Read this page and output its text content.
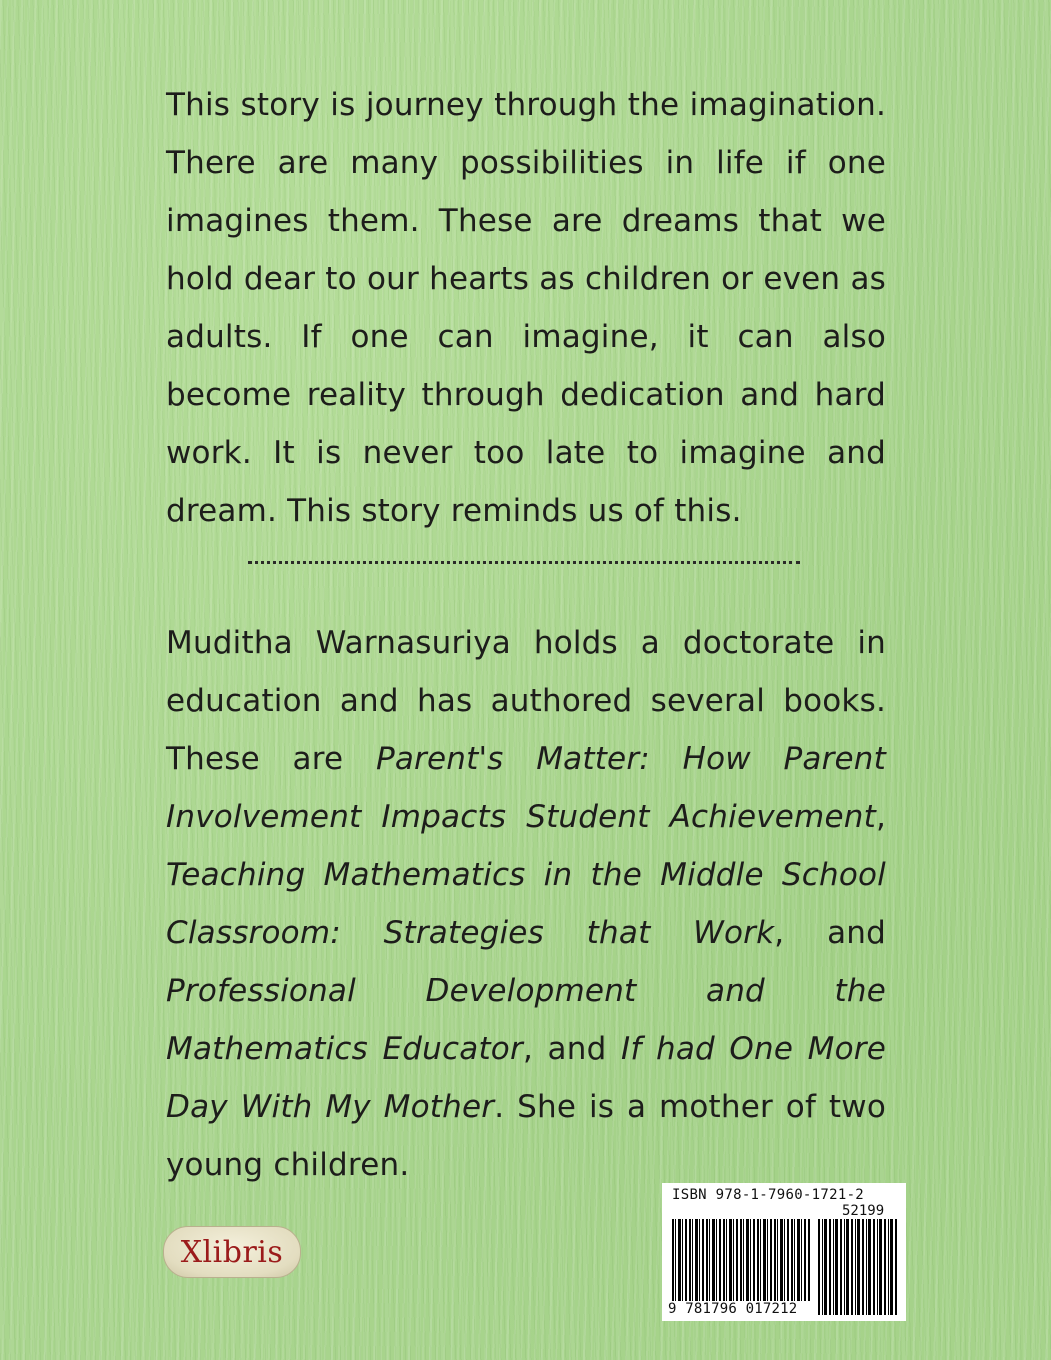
This story is journey through the imagination. There are many possibilities in life if one imagines them. These are dreams that we hold dear to our hearts as children or even as adults. If one can imagine, it can also become reality through dedication and hard work. It is never too late to imagine and dream. This story reminds us of this.

Muditha Warnasuriya holds a doctorate in education and has authored several books. These are Parent's Matter: How Parent Involvement Impacts Student Achievement, Teaching Mathematics in the Middle School Classroom: Strategies that Work, and Professional Development and the Mathematics Educator, and If had One More Day With My Mother. She is a mother of two young children.

Xlibris
ISBN 978-1-7960-1721-2
52199
9 781796 017212
